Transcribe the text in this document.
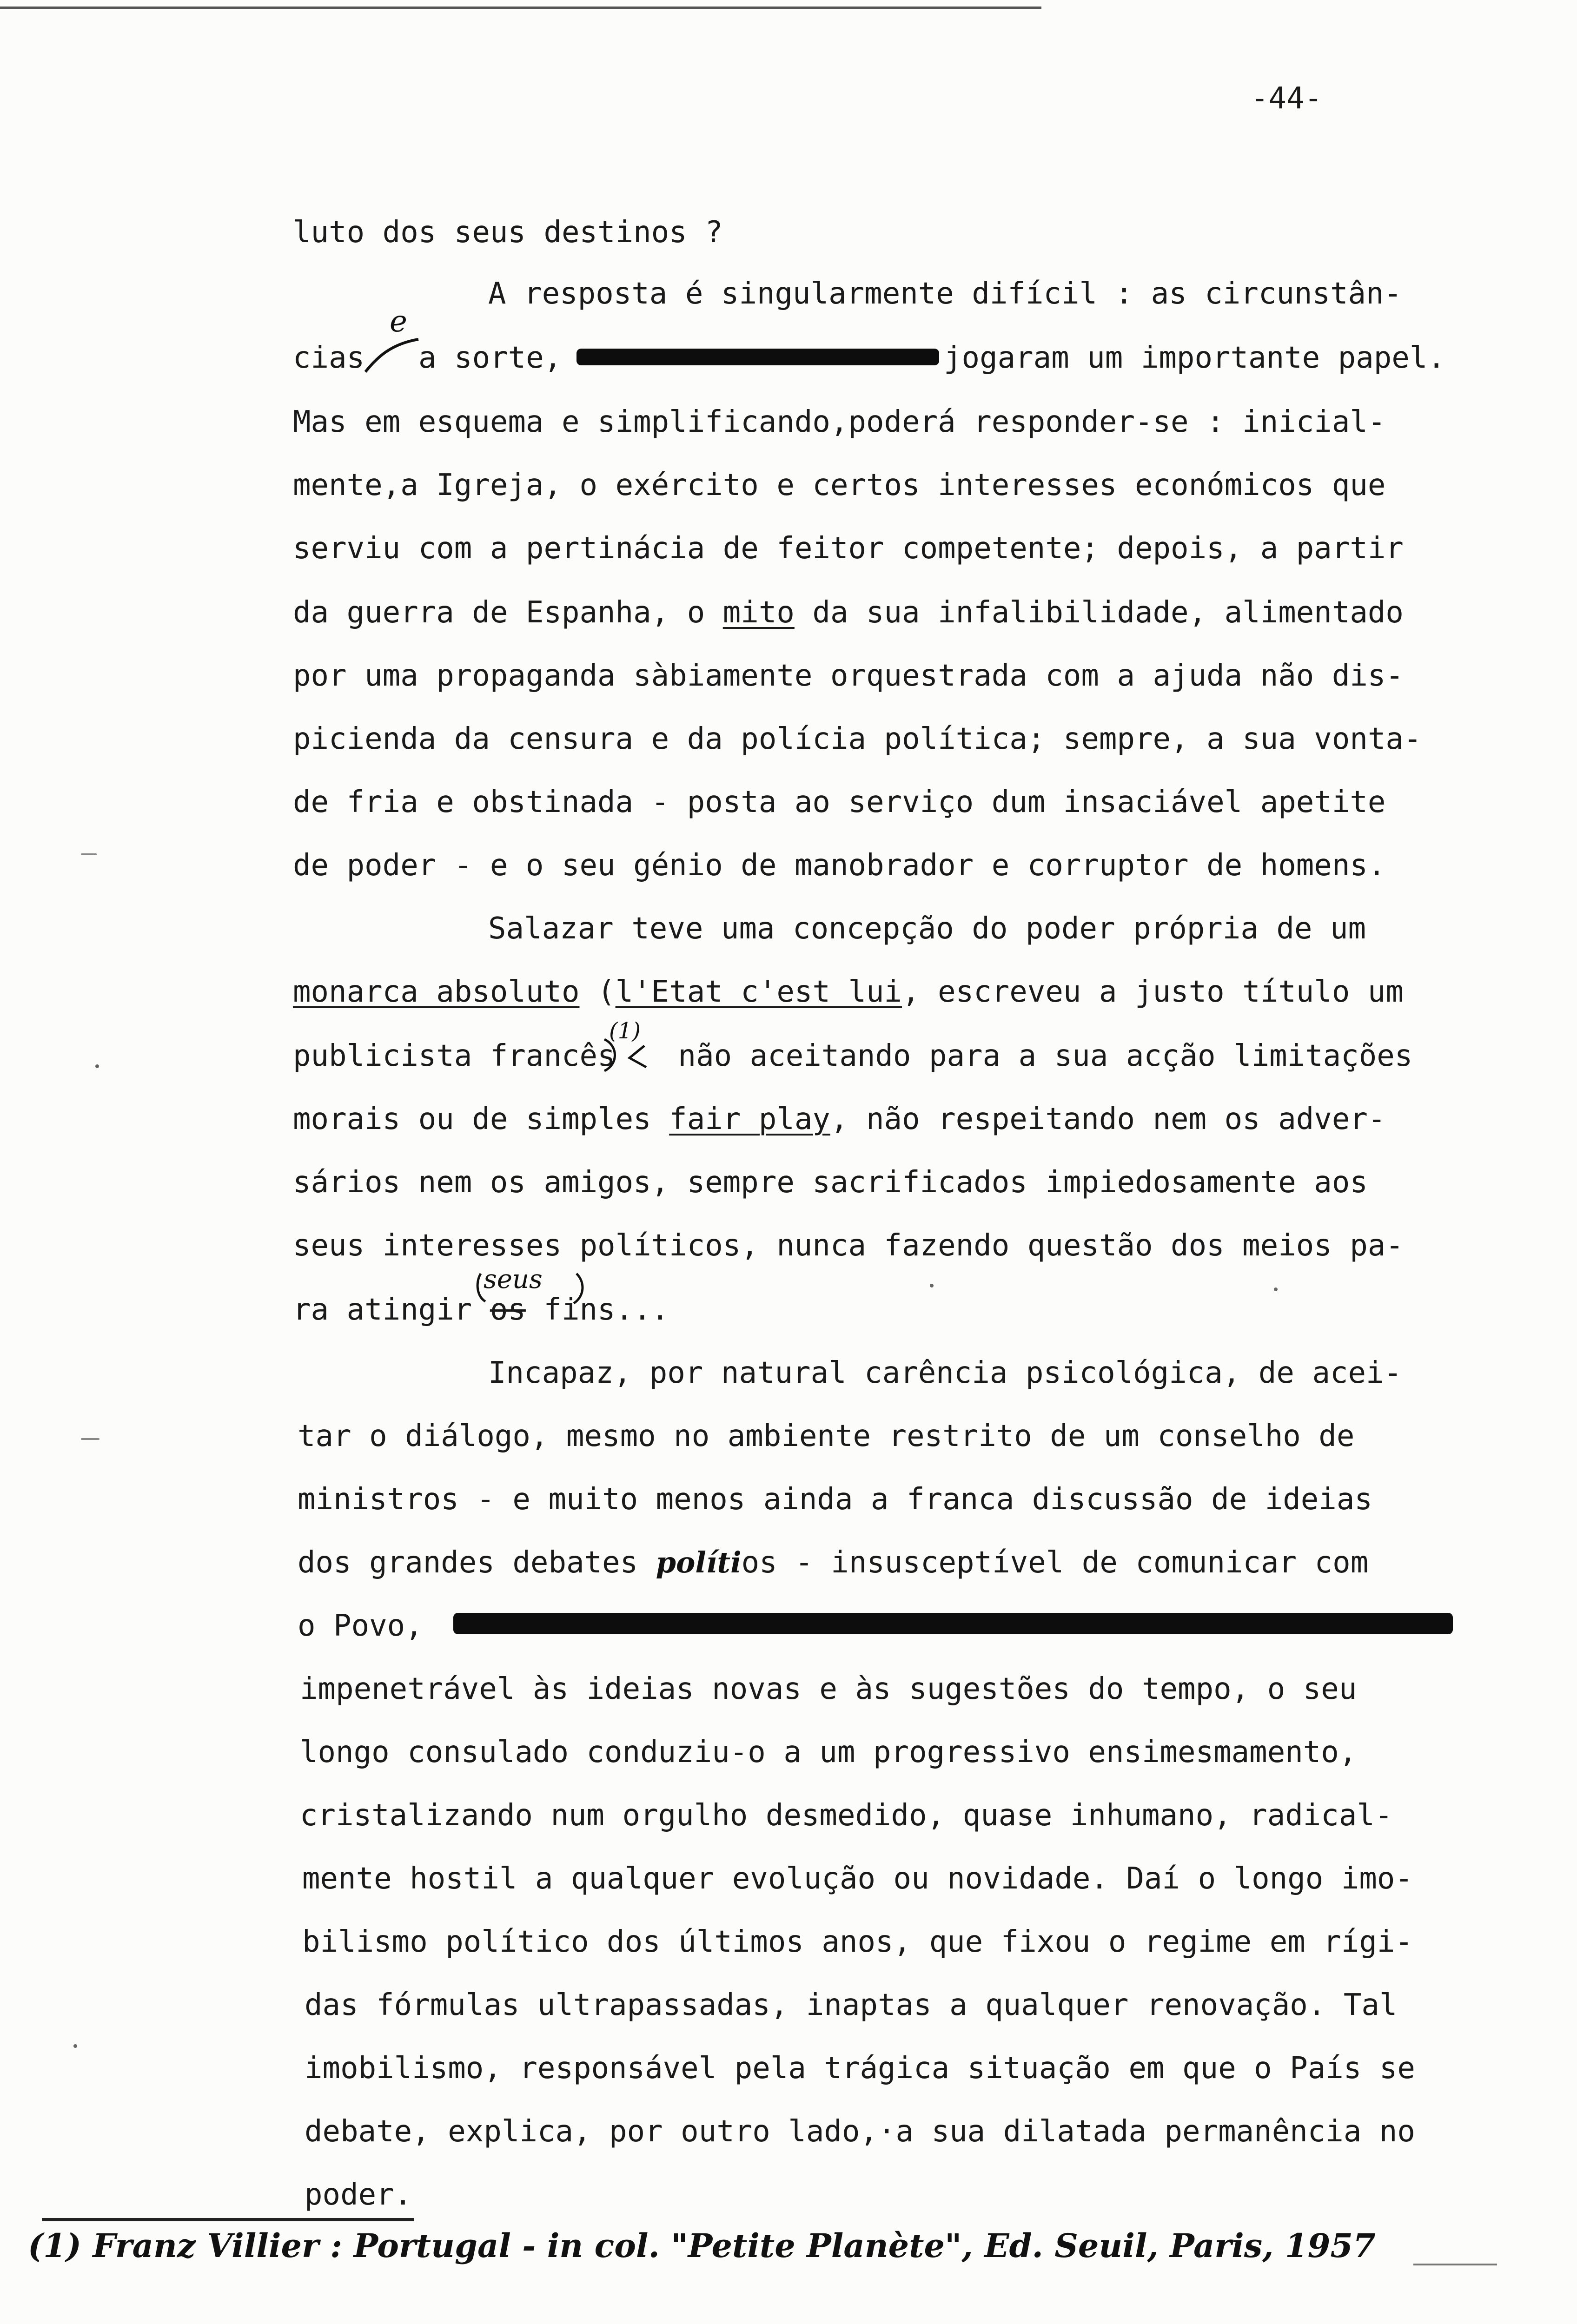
-44-
luto dos seus destinos ?
A resposta é singularmente difícil : as circunstân-
cias
e
a sorte,	jogaram um importante papel.
Mas em esquema e simplificando,poderá responder-se : inicial-
mente,a Igreja, o exército e certos interesses económicos que
serviu com a pertinácia de feitor competente; depois, a partir
da guerra de Espanha, o mito da sua infalibilidade, alimentado
por uma propaganda sàbiamente orquestrada com a ajuda não dis-
picienda da censura e da polícia política; sempre, a sua vonta-
de fria e obstinada - posta ao serviço dum insaciável apetite
de poder - e o seu génio de manobrador e corruptor de homens.
Salazar teve uma concepção do poder própria de um
monarca absoluto (l'Etat c'est lui, escreveu a justo título um
publicista francês
(1)
não aceitando para a sua acção limitações
morais ou de simples fair play, não respeitando nem os adver-
sários nem os amigos, sempre sacrificados impiedosamente aos
seus interesses políticos, nunca fazendo questão dos meios pa-
seus
ra atingir os fins...
Incapaz, por natural carência psicológica, de acei-
tar o diálogo, mesmo no ambiente restrito de um conselho de
ministros - e muito menos ainda a franca discussão de ideias
dos grandes debates polítios - insusceptível de comunicar com
o Povo,
impenetrável às ideias novas e às sugestões do tempo, o seu
longo consulado conduziu-o a um progressivo ensimesmamento,
cristalizando num orgulho desmedido, quase inhumano, radical-
mente hostil a qualquer evolução ou novidade. Daí o longo imo-
bilismo político dos últimos anos, que fixou o regime em rígi-
das fórmulas ultrapassadas, inaptas a qualquer renovação. Tal
imobilismo, responsável pela trágica situação em que o País se
debate, explica, por outro lado,·a sua dilatada permanência no
poder.
(1) Franz Villier : Portugal - in col. "Petite Planète", Ed. Seuil, Paris, 1957
